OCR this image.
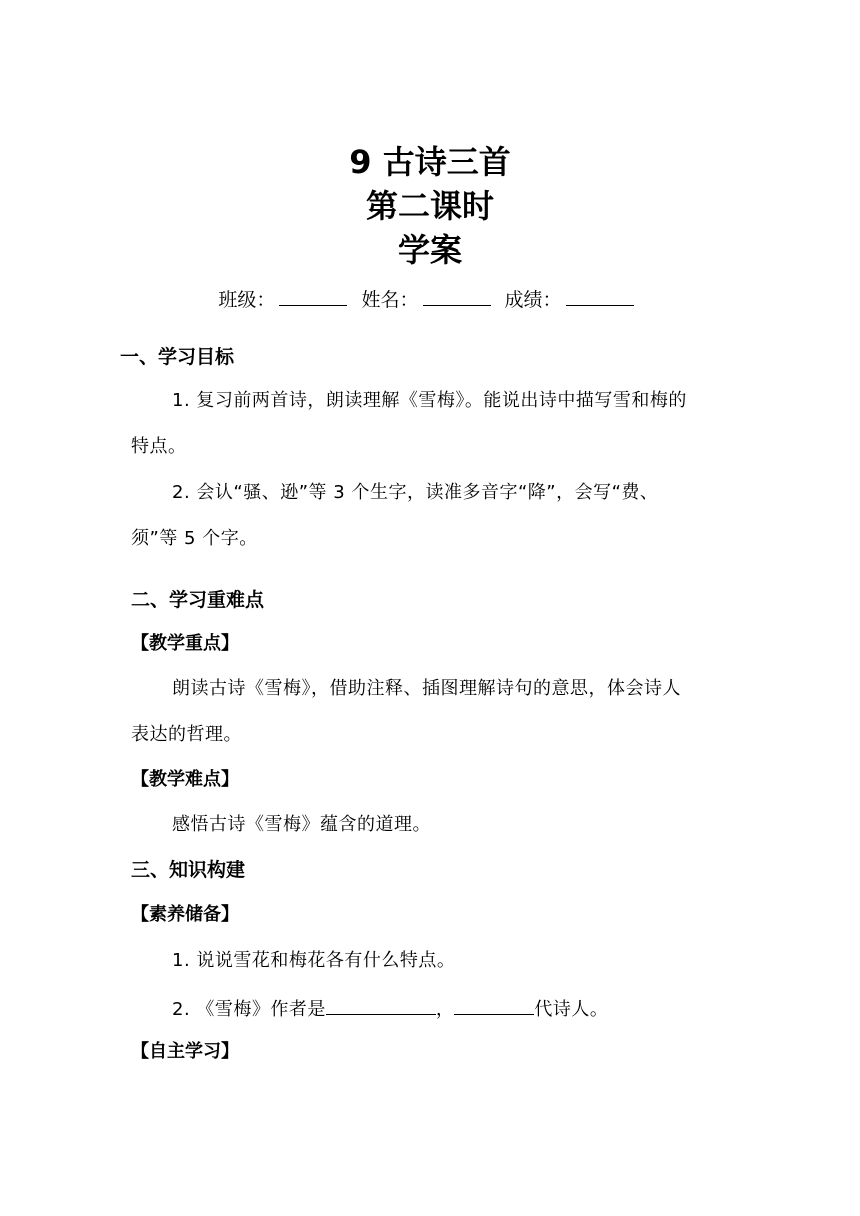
9 古诗三首
第二课时
学案
班级：	姓名：	成绩：
一、学习目标
1. 复习前两首诗，朗读理解《雪梅》。能说出诗中描写雪和梅的
特点。
2. 会认“骚、逊”等 3 个生字，读准多音字“降”，会写“费、
须”等 5 个字。
二、学习重难点
【教学重点】
朗读古诗《雪梅》，借助注释、插图理解诗句的意思，体会诗人
表达的哲理。
【教学难点】
感悟古诗《雪梅》蕴含的道理。
三、知识构建
【素养储备】
1. 说说雪花和梅花各有什么特点。
2. 《雪梅》作者是	，	代诗人。
【自主学习】
